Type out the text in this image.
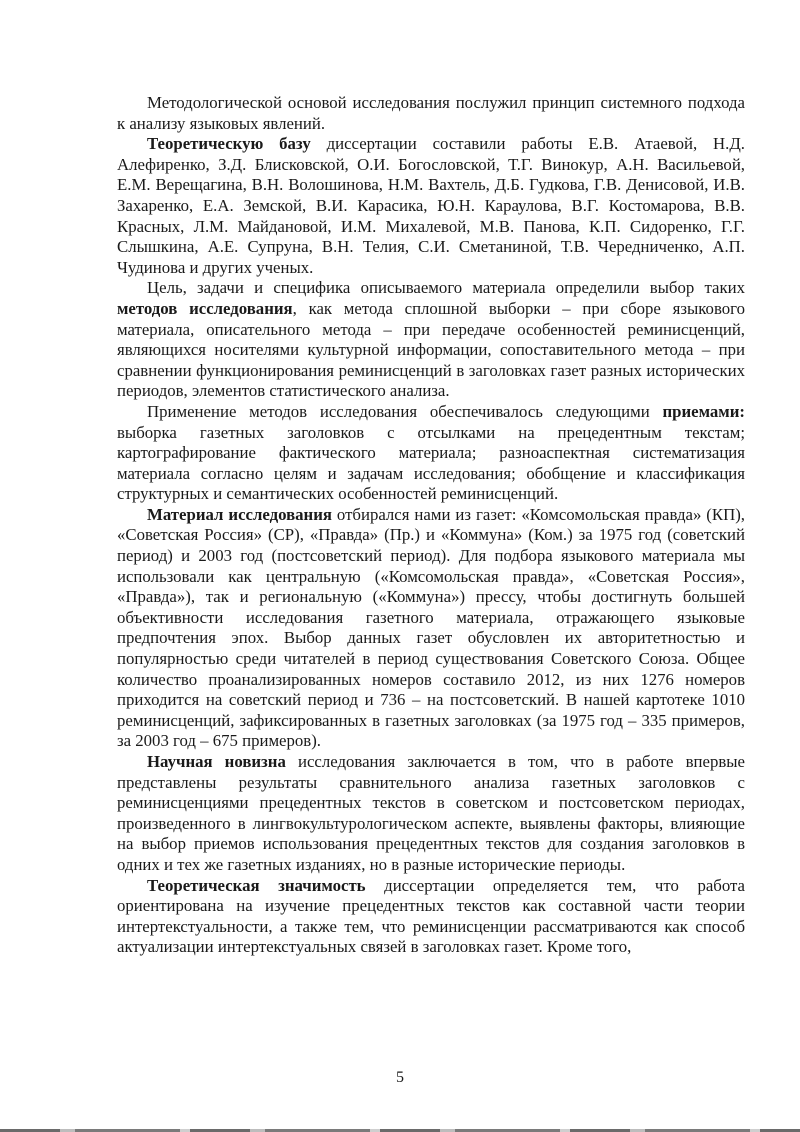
Методологической основой исследования послужил принцип системного подхода к анализу языковых явлений.

Теоретическую базу диссертации составили работы Е.В. Атаевой, Н.Д. Алефиренко, З.Д. Блисковской, О.И. Богословской, Т.Г. Винокур, А.Н. Васильевой, Е.М. Верещагина, В.Н. Волошинова, Н.М. Вахтель, Д.Б. Гудкова, Г.В. Денисовой, И.В. Захаренко, Е.А. Земской, В.И. Карасика, Ю.Н. Караулова, В.Г. Костомарова, В.В. Красных, Л.М. Майдановой, И.М. Михалевой, М.В. Панова, К.П. Сидоренко, Г.Г. Слышкина, А.Е. Супруна, В.Н. Телия, С.И. Сметаниной, Т.В. Чередниченко, А.П. Чудинова и других ученых.

Цель, задачи и специфика описываемого материала определили выбор таких методов исследования, как метода сплошной выборки – при сборе языкового материала, описательного метода – при передаче особенностей реминисценций, являющихся носителями культурной информации, сопоставительного метода – при сравнении функционирования реминисценций в заголовках газет разных исторических периодов, элементов статистического анализа.

Применение методов исследования обеспечивалось следующими приемами: выборка газетных заголовков с отсылками на прецедентным текстам; картографирование фактического материала; разноаспектная систематизация материала согласно целям и задачам исследования; обобщение и классификация структурных и семантических особенностей реминисценций.

Материал исследования отбирался нами из газет: «Комсомольская правда» (КП), «Советская Россия» (СР), «Правда» (Пр.) и «Коммуна» (Ком.) за 1975 год (советский период) и 2003 год (постсоветский период). Для подбора языкового материала мы использовали как центральную («Комсомольская правда», «Советская Россия», «Правда»), так и региональную («Коммуна») прессу, чтобы достигнуть большей объективности исследования газетного материала, отражающего языковые предпочтения эпох. Выбор данных газет обусловлен их авторитетностью и популярностью среди читателей в период существования Советского Союза. Общее количество проанализированных номеров составило 2012, из них 1276 номеров приходится на советский период и 736 – на постсоветский. В нашей картотеке 1010 реминисценций, зафиксированных в газетных заголовках (за 1975 год – 335 примеров, за 2003 год – 675 примеров).

Научная новизна исследования заключается в том, что в работе впервые представлены результаты сравнительного анализа газетных заголовков с реминисценциями прецедентных текстов в советском и постсоветском периодах, произведенного в лингвокультурологическом аспекте, выявлены факторы, влияющие на выбор приемов использования прецедентных текстов для создания заголовков в одних и тех же газетных изданиях, но в разные исторические периоды.

Теоретическая значимость диссертации определяется тем, что работа ориентирована на изучение прецедентных текстов как составной части теории интертекстуальности, а также тем, что реминисценции рассматриваются как способ актуализации интертекстуальных связей в заголовках газет. Кроме того,

5
